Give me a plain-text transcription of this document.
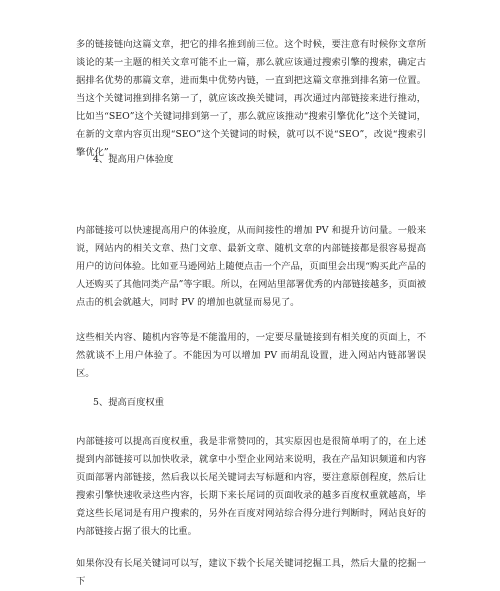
多的链接链向这篇文章，把它的排名推到前三位。这个时候，要注意有时候你文章所谈论的某一主题的相关文章可能不止一篇，那么就应该通过搜索引擎的搜索，确定古据排名优势的那篇文章，进而集中优势内链，一直到把这篇文章推到排名第一位置。当这个关键词推到排名第一了，就应该改换关键词，再次通过内部链接来进行推动，比如当“SEO”这个关键词排到第一了，那么就应该推动“搜索引擎优化”这个关键词，在新的文章内容页出现“SEO”这个关键词的时候，就可以不说“SEO”，改说“搜索引擎优化”。

4、提高用户体验度

内部链接可以快速提高用户的体验度，从而间接性的增加 PV 和提升访问量。一般来说，网站内的相关文章、热门文章、最新文章、随机文章的内部链接都是很容易提高用户的访问体验。比如亚马逊网站上随便点击一个产品，页面里会出现“购买此产品的人还购买了其他同类产品”等字眼。所以，在网站里部署优秀的内部链接越多，页面被点击的机会就越大，同时 PV 的增加也就显而易见了。

这些相关内容、随机内容等是不能滥用的，一定要尽量链接到有相关度的页面上，不然就谈不上用户体验了。不能因为可以增加 PV 而胡乱设置，进入网站内链部署误区。

5、提高百度权重

内部链接可以提高百度权重，我是非常赞同的，其实原因也是很简单明了的，在上述提到内部链接可以加快收录，就拿中小型企业网站来说明，我在产品知识频道和内容页面部署内部链接，然后我以长尾关键词去写标题和内容，要注意原创程度，然后让搜索引擎快速收录这些内容，长期下来长尾词的页面收录的越多百度权重就越高，毕竟这些长尾词是有用户搜索的，另外在百度对网站综合得分进行判断时，网站良好的内部链接占据了很大的比重。

如果你没有长尾关键词可以写，建议下载个长尾关键词挖掘工具，然后大量的挖掘一下
